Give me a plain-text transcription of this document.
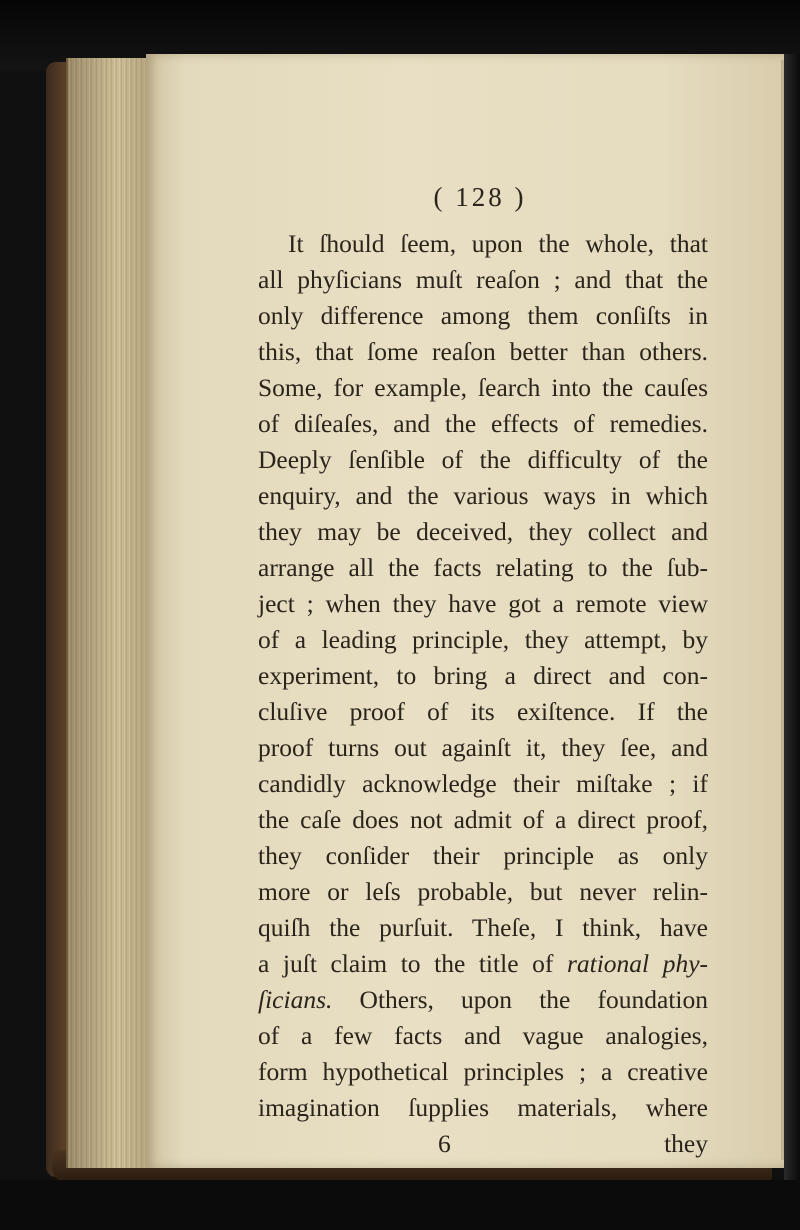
( 128 )
It ſhould ſeem, upon the whole, that
all phyſicians muſt reaſon ; and that the
only difference among them conſiſts in
this, that ſome reaſon better than others.
Some, for example, ſearch into the cauſes
of diſeaſes, and the effects of remedies.
Deeply ſenſible of the difficulty of the
enquiry, and the various ways in which
they may be deceived, they collect and
arrange all the facts relating to the ſub-
ject ; when they have got a remote view
of a leading principle, they attempt, by
experiment, to bring a direct and con-
cluſive proof of its exiſtence. If the
proof turns out againſt it, they ſee, and
candidly acknowledge their miſtake ; if
the caſe does not admit of a direct proof,
they conſider their principle as only
more or leſs probable, but never relin-
quiſh the purſuit. Theſe, I think, have
a juſt claim to the title of rational phy-
ſicians. Others, upon the foundation
of a few facts and vague analogies,
form hypothetical principles ; a creative
imagination ſupplies materials, where
6	they
